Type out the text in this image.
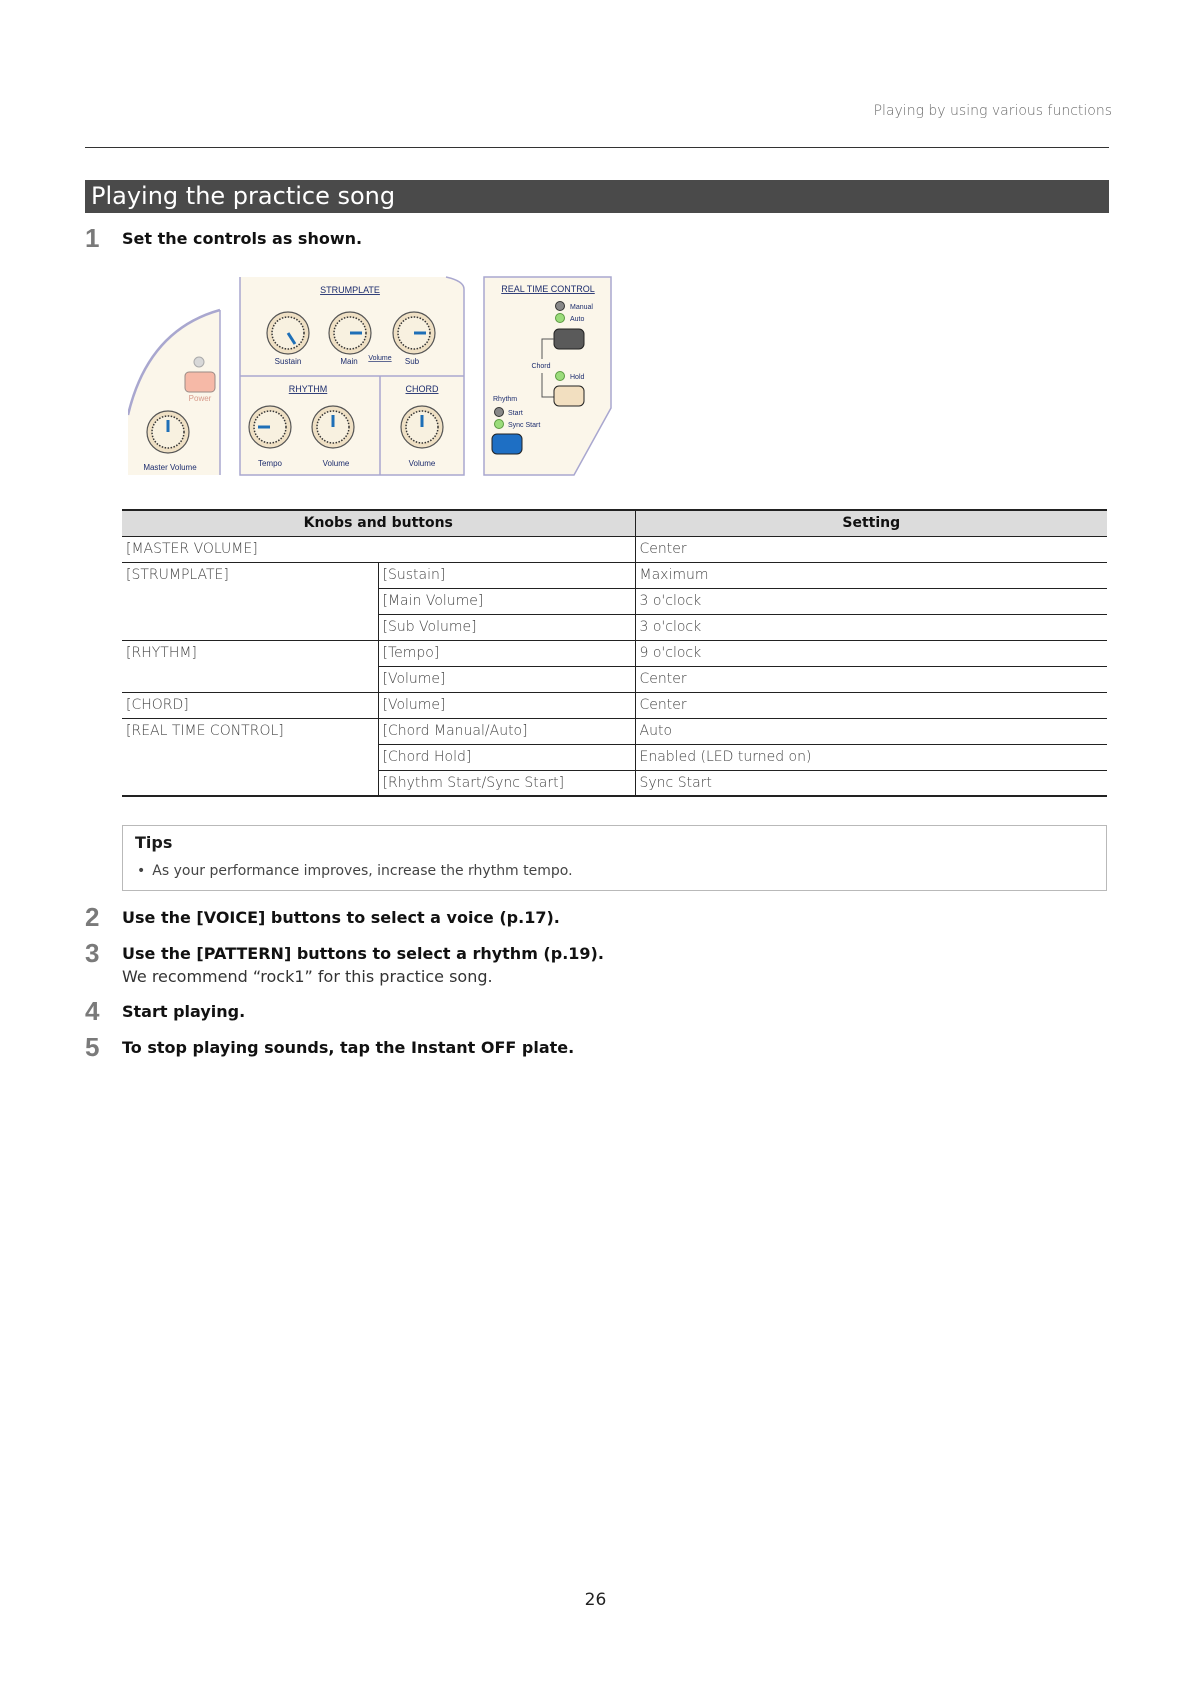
Playing by using various functions
Playing the practice song
1 Set the controls as shown.
Power
Master Volume
STRUMPLATE
Sustain	Main Volume Sub
RHYTHM	CHORD
Tempo	Volume	Volume
REAL TIME CONTROL
Manual
Auto
Chord
Hold
Rhythm
Start
Sync Start
Knobs and buttons		Setting
[MASTER VOLUME]		Center
[STRUMPLATE]	[Sustain]	Maximum
	[Main Volume]	3 o'clock
	[Sub Volume]	3 o'clock
[RHYTHM]	[Tempo]	9 o'clock
	[Volume]	Center
[CHORD]	[Volume]	Center
[REAL TIME CONTROL]	[Chord Manual/Auto]	Auto
	[Chord Hold]	Enabled (LED turned on)
	[Rhythm Start/Sync Start]	Sync Start
Tips
• As your performance improves, increase the rhythm tempo.
2 Use the [VOICE] buttons to select a voice (p.17).
3 Use the [PATTERN] buttons to select a rhythm (p.19).
We recommend “rock1” for this practice song.
4 Start playing.
5 To stop playing sounds, tap the Instant OFF plate.
26
